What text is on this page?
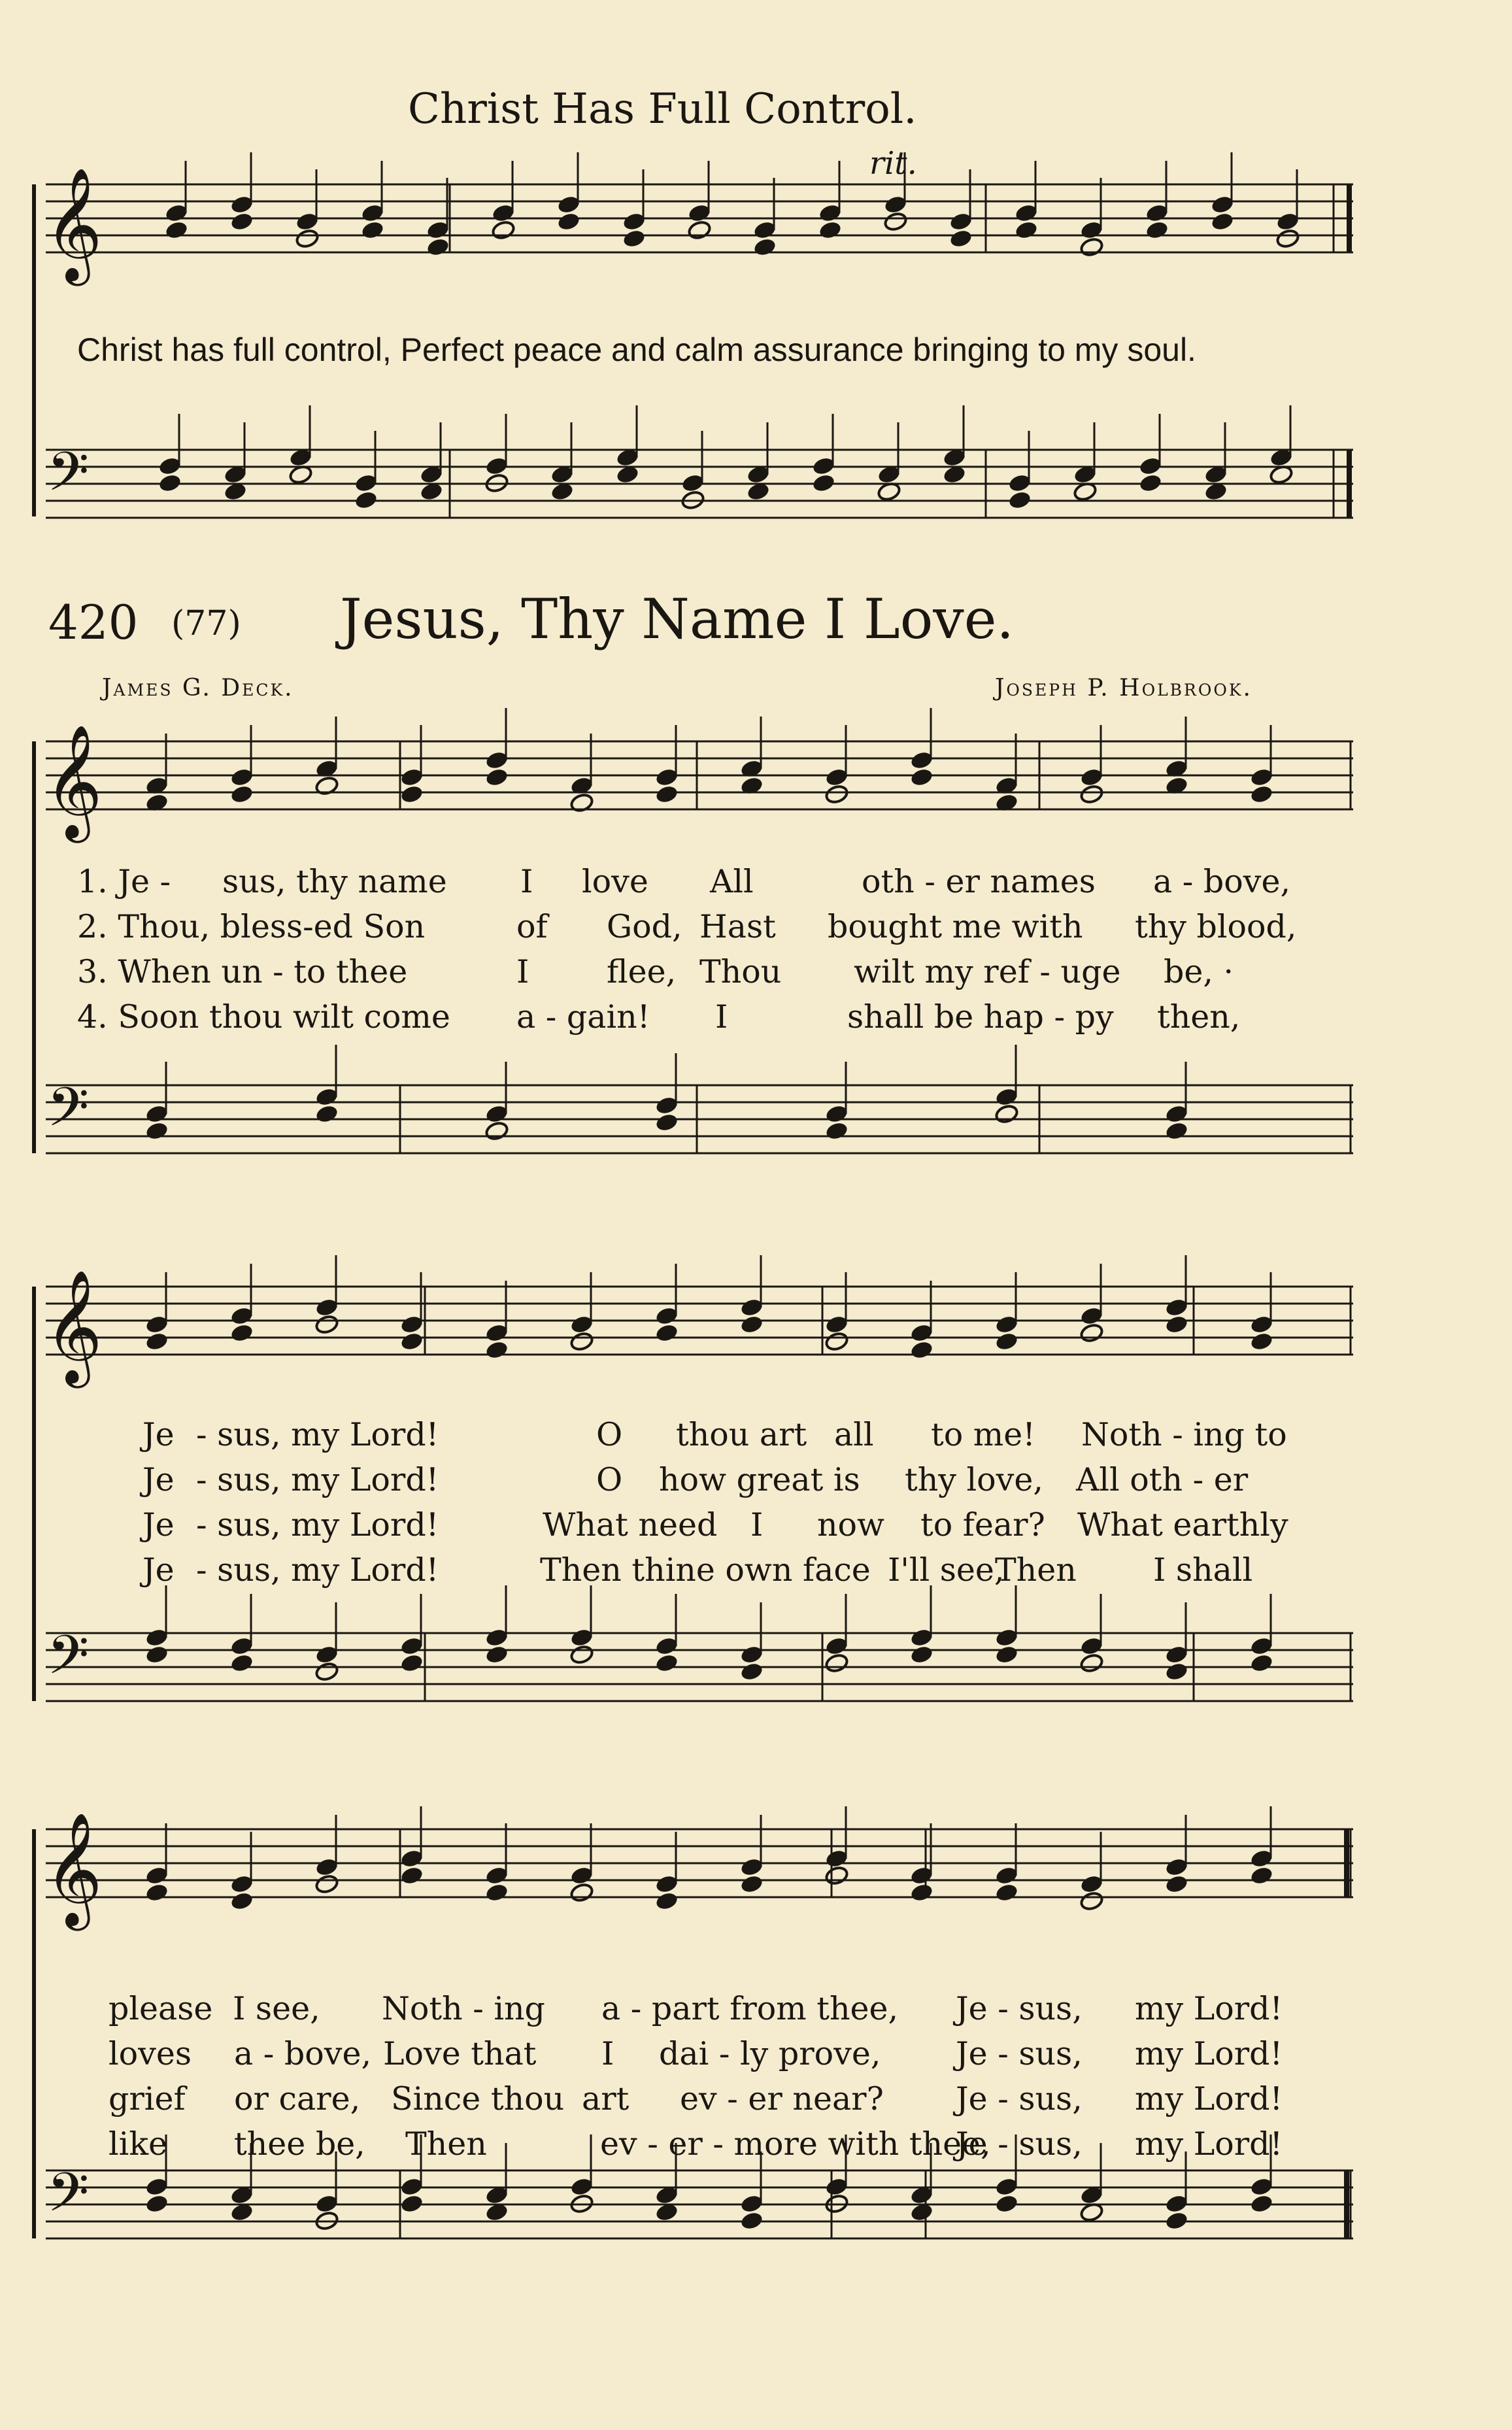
𝄞
𝄞
𝄞
𝄞
𝄢
𝄢
𝄢
𝄢
Christ Has Full Control.
rit.
Christ has full control, Perfect peace and calm assurance bringing to my soul.
420 (77) Jesus, Thy Name I Love.
James G. Deck.	Joseph P. Holbrook.
1. Je - sus, thy name I love All	oth - er names a - bove,
2. Thou, bless-ed Son	of God, Hast bought me with thy blood,
3. When un - to thee	I flee, Thou wilt my ref - uge be, ·
4. Soon thou wilt come a - gain! I	shall be hap - py then,
Je - sus, my Lord!	O thou art all to me! Noth - ing to
Je - sus, my Lord!	O how great is thy love, All oth - er
Je - sus, my Lord!	What need I now to fear? What earthly
Je - sus, my Lord!	Then thine own face I'll see,
Then I shall
please I see, Noth - ing a - part from thee, Je - sus, my Lord!
loves a - bove, Love that I dai - ly prove, Je - sus, my Lord!
grief or care, Since thou art ev - er near? Je - sus, my Lord!
like thee be, Then	ev - er - more with thee,
Je - sus, my Lord!
